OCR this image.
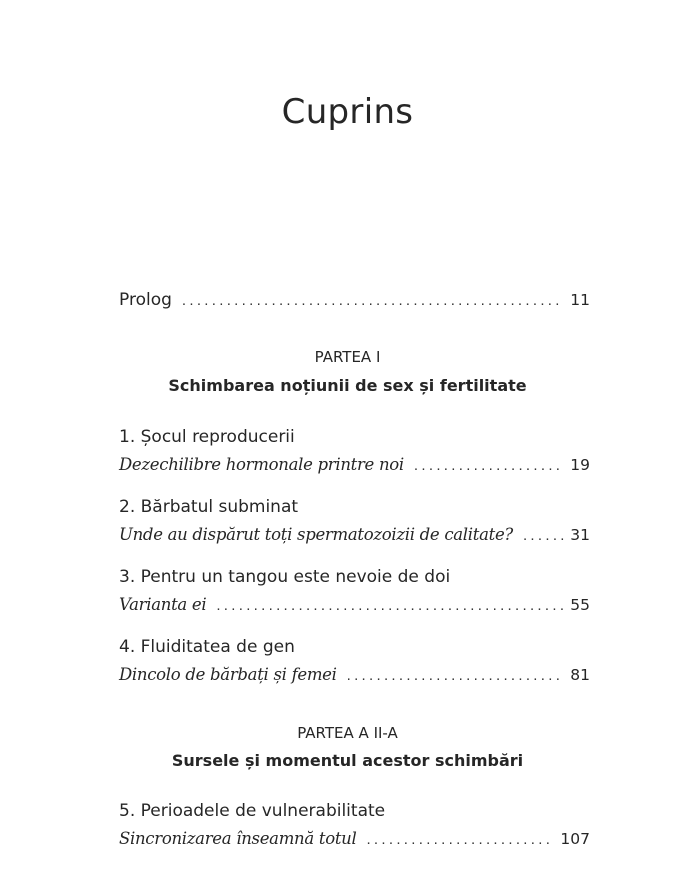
Cuprins
Prolog .....	11
PARTEA I
Schimbarea noțiunii de sex și fertilitate
1. Șocul reproducerii
Dezechilibre hormonale printre noi .....	19
2. Bărbatul subminat
Unde au dispărut toți spermatozoizii de calitate? .....	31
3. Pentru un tangou este nevoie de doi
Varianta ei .....	55
4. Fluiditatea de gen
Dincolo de bărbați și femei .....	81
PARTEA A II-A
Sursele și momentul acestor schimbări
5. Perioadele de vulnerabilitate
Sincronizarea înseamnă totul .....	107
